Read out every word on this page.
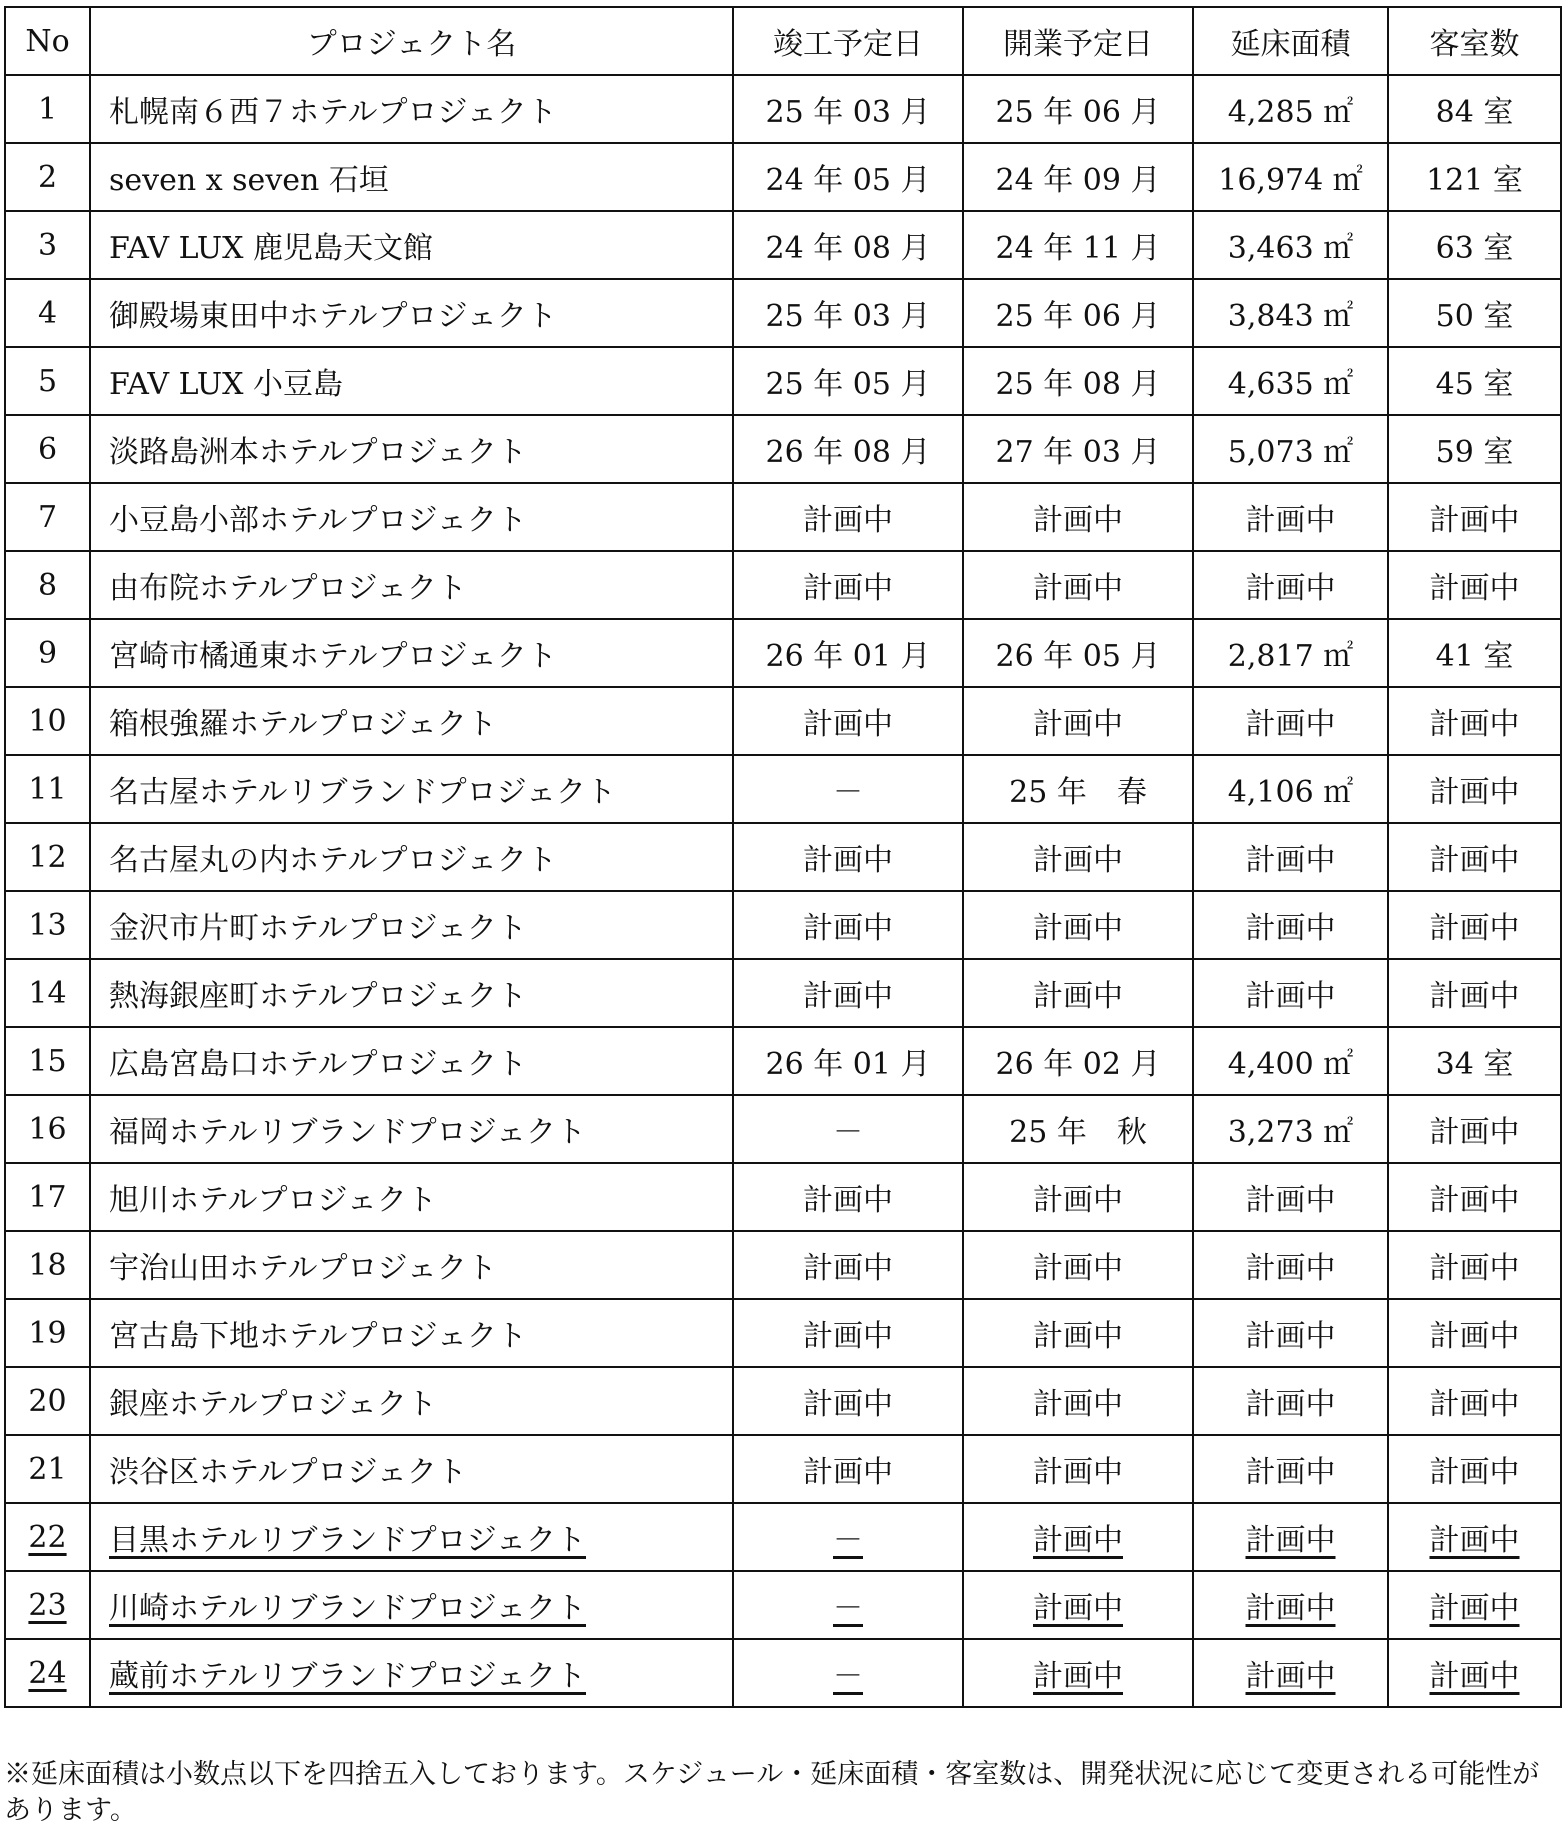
No	プロジェクト名	竣工予定日	開業予定日	延床面積	客室数
1	札幌南６西７ホテルプロジェクト	25 年 03 月	25 年 06 月	4,285 ㎡	84 室
2	seven x seven 石垣	24 年 05 月	24 年 09 月	16,974 ㎡	121 室
3	FAV LUX 鹿児島天文館	24 年 08 月	24 年 11 月	3,463 ㎡	63 室
4	御殿場東田中ホテルプロジェクト	25 年 03 月	25 年 06 月	3,843 ㎡	50 室
5	FAV LUX 小豆島	25 年 05 月	25 年 08 月	4,635 ㎡	45 室
6	淡路島洲本ホテルプロジェクト	26 年 08 月	27 年 03 月	5,073 ㎡	59 室
7	小豆島小部ホテルプロジェクト	計画中	計画中	計画中	計画中
8	由布院ホテルプロジェクト	計画中	計画中	計画中	計画中
9	宮崎市橘通東ホテルプロジェクト	26 年 01 月	26 年 05 月	2,817 ㎡	41 室
10	箱根強羅ホテルプロジェクト	計画中	計画中	計画中	計画中
11	名古屋ホテルリブランドプロジェクト	－	25 年　春	4,106 ㎡	計画中
12	名古屋丸の内ホテルプロジェクト	計画中	計画中	計画中	計画中
13	金沢市片町ホテルプロジェクト	計画中	計画中	計画中	計画中
14	熱海銀座町ホテルプロジェクト	計画中	計画中	計画中	計画中
15	広島宮島口ホテルプロジェクト	26 年 01 月	26 年 02 月	4,400 ㎡	34 室
16	福岡ホテルリブランドプロジェクト	－	25 年　秋	3,273 ㎡	計画中
17	旭川ホテルプロジェクト	計画中	計画中	計画中	計画中
18	宇治山田ホテルプロジェクト	計画中	計画中	計画中	計画中
19	宮古島下地ホテルプロジェクト	計画中	計画中	計画中	計画中
20	銀座ホテルプロジェクト	計画中	計画中	計画中	計画中
21	渋谷区ホテルプロジェクト	計画中	計画中	計画中	計画中
22	目黒ホテルリブランドプロジェクト	－	計画中	計画中	計画中
23	川崎ホテルリブランドプロジェクト	－	計画中	計画中	計画中
24	蔵前ホテルリブランドプロジェクト	－	計画中	計画中	計画中

※延床面積は小数点以下を四捨五入しております。スケジュール・延床面積・客室数は、開発状況に応じて変更される可能性があります。
